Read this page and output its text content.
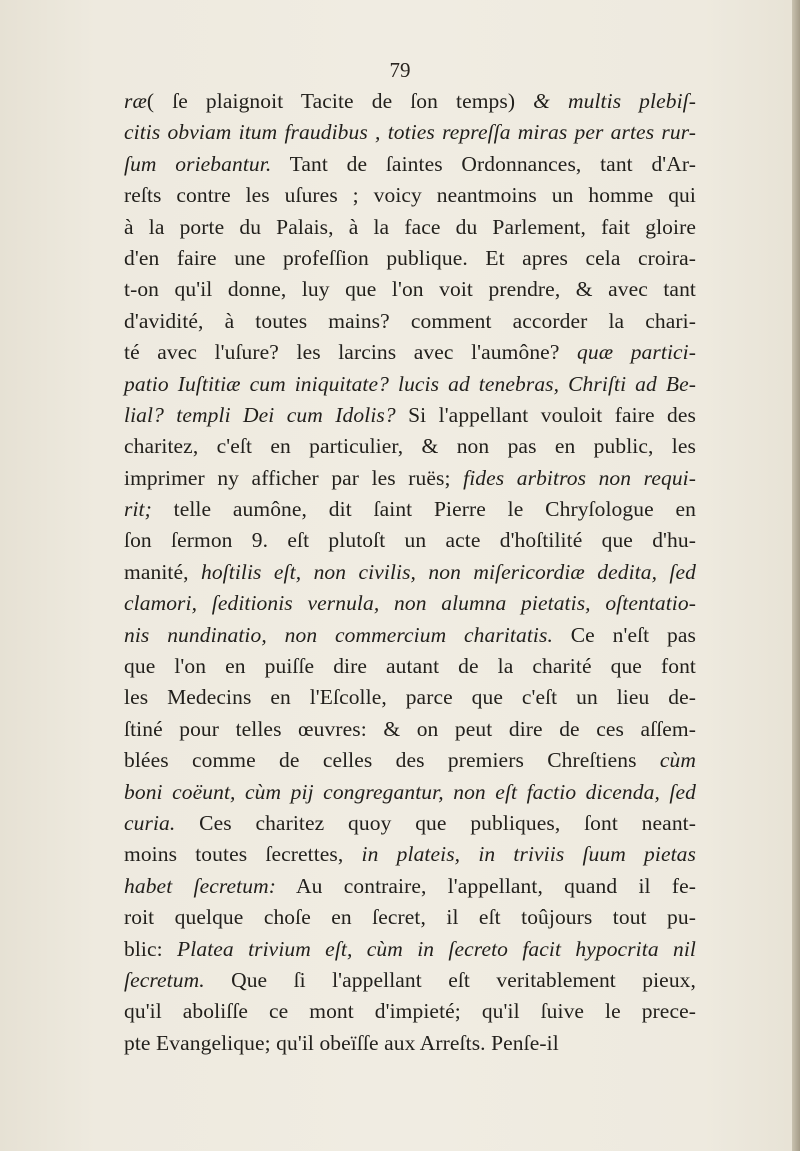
79
ræ( ſe plaignoit Tacite de ſon temps) & multis plebiſ-
citis obviam itum fraudibus , toties repreſſa miras per artes rur-
ſum oriebantur. Tant de ſaintes Ordonnances, tant d'Ar-
reſts contre les uſures ; voicy neantmoins un homme qui
à la porte du Palais, à la face du Parlement, fait gloire
d'en faire une profeſſion publique. Et apres cela croira-
t-on qu'il donne, luy que l'on voit prendre, & avec tant
d'avidité, à toutes mains? comment accorder la chari-
té avec l'uſure? les larcins avec l'aumône? quæ partici-
patio Iuſtitiæ cum iniquitate? lucis ad tenebras, Chriſti ad Be-
lial? templi Dei cum Idolis? Si l'appellant vouloit faire des
charitez, c'eſt en particulier, & non pas en public, les
imprimer ny afficher par les ruës; fides arbitros non requi-
rit; telle aumône, dit ſaint Pierre le Chryſologue en
ſon ſermon 9. eſt plutoſt un acte d'hoſtilité que d'hu-
manité, hoſtilis eſt, non civilis, non miſericordiæ dedita, ſed
clamori, ſeditionis vernula, non alumna pietatis, oſtentatio-
nis nundinatio, non commercium charitatis. Ce n'eſt pas
que l'on en puiſſe dire autant de la charité que font
les Medecins en l'Eſcolle, parce que c'eſt un lieu de-
ſtiné pour telles œuvres: & on peut dire de ces aſſem-
blées comme de celles des premiers Chreſtiens cùm
boni coëunt, cùm pij congregantur, non eſt factio dicenda, ſed
curia. Ces charitez quoy que publiques, ſont neant-
moins toutes ſecrettes, in plateis, in triviis ſuum pietas
habet ſecretum: Au contraire, l'appellant, quand il fe-
roit quelque choſe en ſecret, il eſt toûjours tout pu-
blic: Platea trivium eſt, cùm in ſecreto facit hypocrita nil
ſecretum. Que ſi l'appellant eſt veritablement pieux,
qu'il aboliſſe ce mont d'impieté; qu'il ſuive le prece-
pte Evangelique; qu'il obeïſſe aux Arreſts. Penſe-il
